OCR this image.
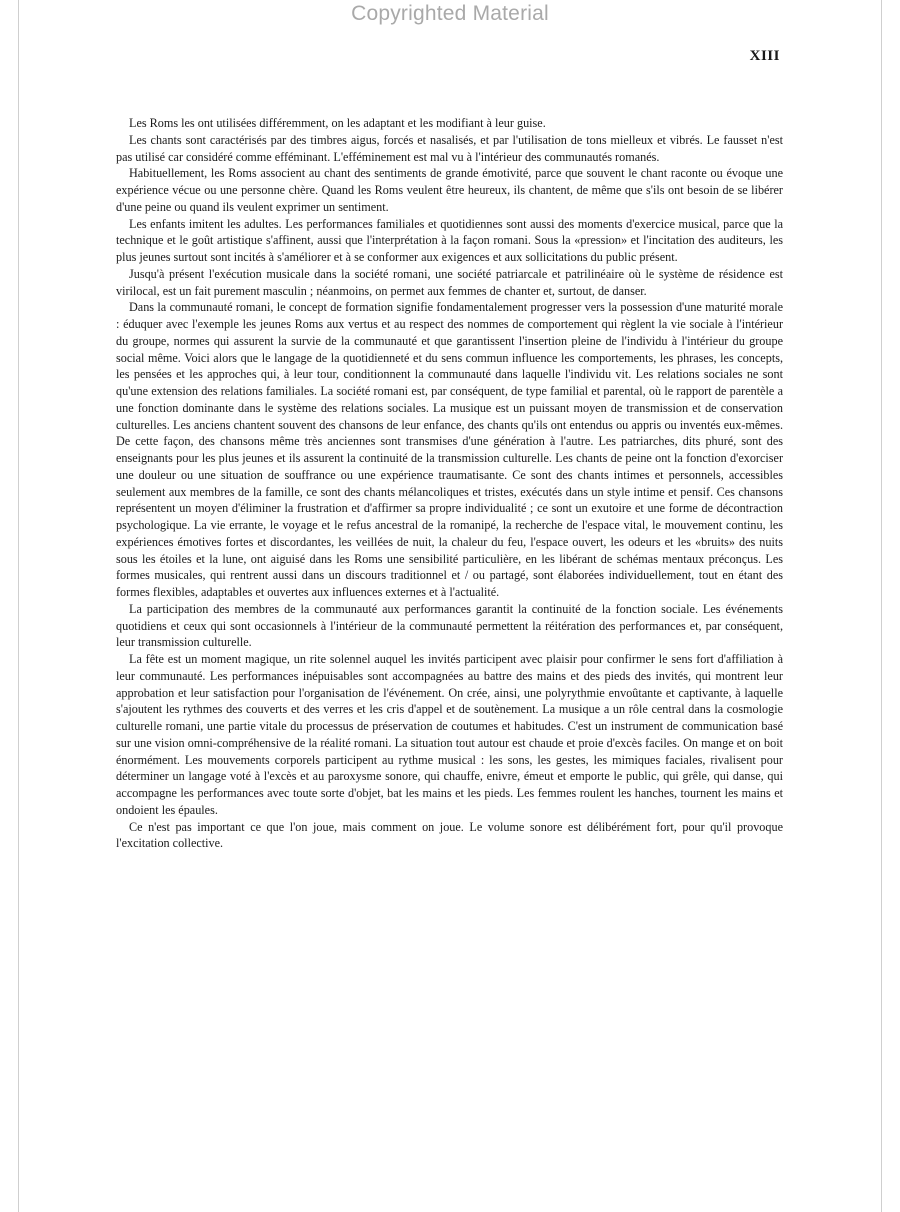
Copyrighted Material
XIII

Les Roms les ont utilisées différemment, on les adaptant et les modifiant à leur guise.

Les chants sont caractérisés par des timbres aigus, forcés et nasalisés, et par l'utilisation de tons mielleux et vibrés. Le fausset n'est pas utilisé car considéré comme efféminant. L'efféminement est mal vu à l'intérieur des communautés romanés.

Habituellement, les Roms associent au chant des sentiments de grande émotivité, parce que souvent le chant raconte ou évoque une expérience vécue ou une personne chère. Quand les Roms veulent être heureux, ils chantent, de même que s'ils ont besoin de se libérer d'une peine ou quand ils veulent exprimer un sentiment.

Les enfants imitent les adultes. Les performances familiales et quotidiennes sont aussi des moments d'exercice musical, parce que la technique et le goût artistique s'affinent, aussi que l'interprétation à la façon romani. Sous la «pression» et l'incitation des auditeurs, les plus jeunes surtout sont incités à s'améliorer et à se conformer aux exigences et aux sollicitations du public présent.

Jusqu'à présent l'exécution musicale dans la société romani, une société patriarcale et patrilinéaire où le système de résidence est virilocal, est un fait purement masculin ; néanmoins, on permet aux femmes de chanter et, surtout, de danser.

Dans la communauté romani, le concept de formation signifie fondamentalement progresser vers la possession d'une maturité morale : éduquer avec l'exemple les jeunes Roms aux vertus et au respect des nommes de comportement qui règlent la vie sociale à l'intérieur du groupe, normes qui assurent la survie de la communauté et que garantissent l'insertion pleine de l'individu à l'intérieur du groupe social même. Voici alors que le langage de la quotidienneté et du sens commun influence les comportements, les phrases, les concepts, les pensées et les approches qui, à leur tour, conditionnent la communauté dans laquelle l'individu vit. Les relations sociales ne sont qu'une extension des relations familiales. La société romani est, par conséquent, de type familial et parental, où le rapport de parentèle a une fonction dominante dans le système des relations sociales. La musique est un puissant moyen de transmission et de conservation culturelles. Les anciens chantent souvent des chansons de leur enfance, des chants qu'ils ont entendus ou appris ou inventés eux-mêmes. De cette façon, des chansons même très anciennes sont transmises d'une génération à l'autre. Les patriarches, dits phuré, sont des enseignants pour les plus jeunes et ils assurent la continuité de la transmission culturelle. Les chants de peine ont la fonction d'exorciser une douleur ou une situation de souffrance ou une expérience traumatisante. Ce sont des chants intimes et personnels, accessibles seulement aux membres de la famille, ce sont des chants mélancoliques et tristes, exécutés dans un style intime et pensif. Ces chansons représentent un moyen d'éliminer la frustration et d'affirmer sa propre individualité ; ce sont un exutoire et une forme de décontraction psychologique. La vie errante, le voyage et le refus ancestral de la romanipé, la recherche de l'espace vital, le mouvement continu, les expériences émotives fortes et discordantes, les veillées de nuit, la chaleur du feu, l'espace ouvert, les odeurs et les «bruits» des nuits sous les étoiles et la lune, ont aiguisé dans les Roms une sensibilité particulière, en les libérant de schémas mentaux préconçus. Les formes musicales, qui rentrent aussi dans un discours traditionnel et / ou partagé, sont élaborées individuellement, tout en étant des formes flexibles, adaptables et ouvertes aux influences externes et à l'actualité.

La participation des membres de la communauté aux performances garantit la continuité de la fonction sociale. Les événements quotidiens et ceux qui sont occasionnels à l'intérieur de la communauté permettent la réitération des performances et, par conséquent, leur transmission culturelle.

La fête est un moment magique, un rite solennel auquel les invités participent avec plaisir pour confirmer le sens fort d'affiliation à leur communauté. Les performances inépuisables sont accompagnées au battre des mains et des pieds des invités, qui montrent leur approbation et leur satisfaction pour l'organisation de l'événement. On crée, ainsi, une polyrythmie envoûtante et captivante, à laquelle s'ajoutent les rythmes des couverts et des verres et les cris d'appel et de soutènement. La musique a un rôle central dans la cosmologie culturelle romani, une partie vitale du processus de préservation de coutumes et habitudes. C'est un instrument de communication basé sur une vision omni-compréhensive de la réalité romani. La situation tout autour est chaude et proie d'excès faciles. On mange et on boit énormément. Les mouvements corporels participent au rythme musical : les sons, les gestes, les mimiques faciales, rivalisent pour déterminer un langage voté à l'excès et au paroxysme sonore, qui chauffe, enivre, émeut et emporte le public, qui grêle, qui danse, qui accompagne les performances avec toute sorte d'objet, bat les mains et les pieds. Les femmes roulent les hanches, tournent les mains et ondoient les épaules.

Ce n'est pas important ce que l'on joue, mais comment on joue. Le volume sonore est délibérément fort, pour qu'il provoque l'excitation collective.
